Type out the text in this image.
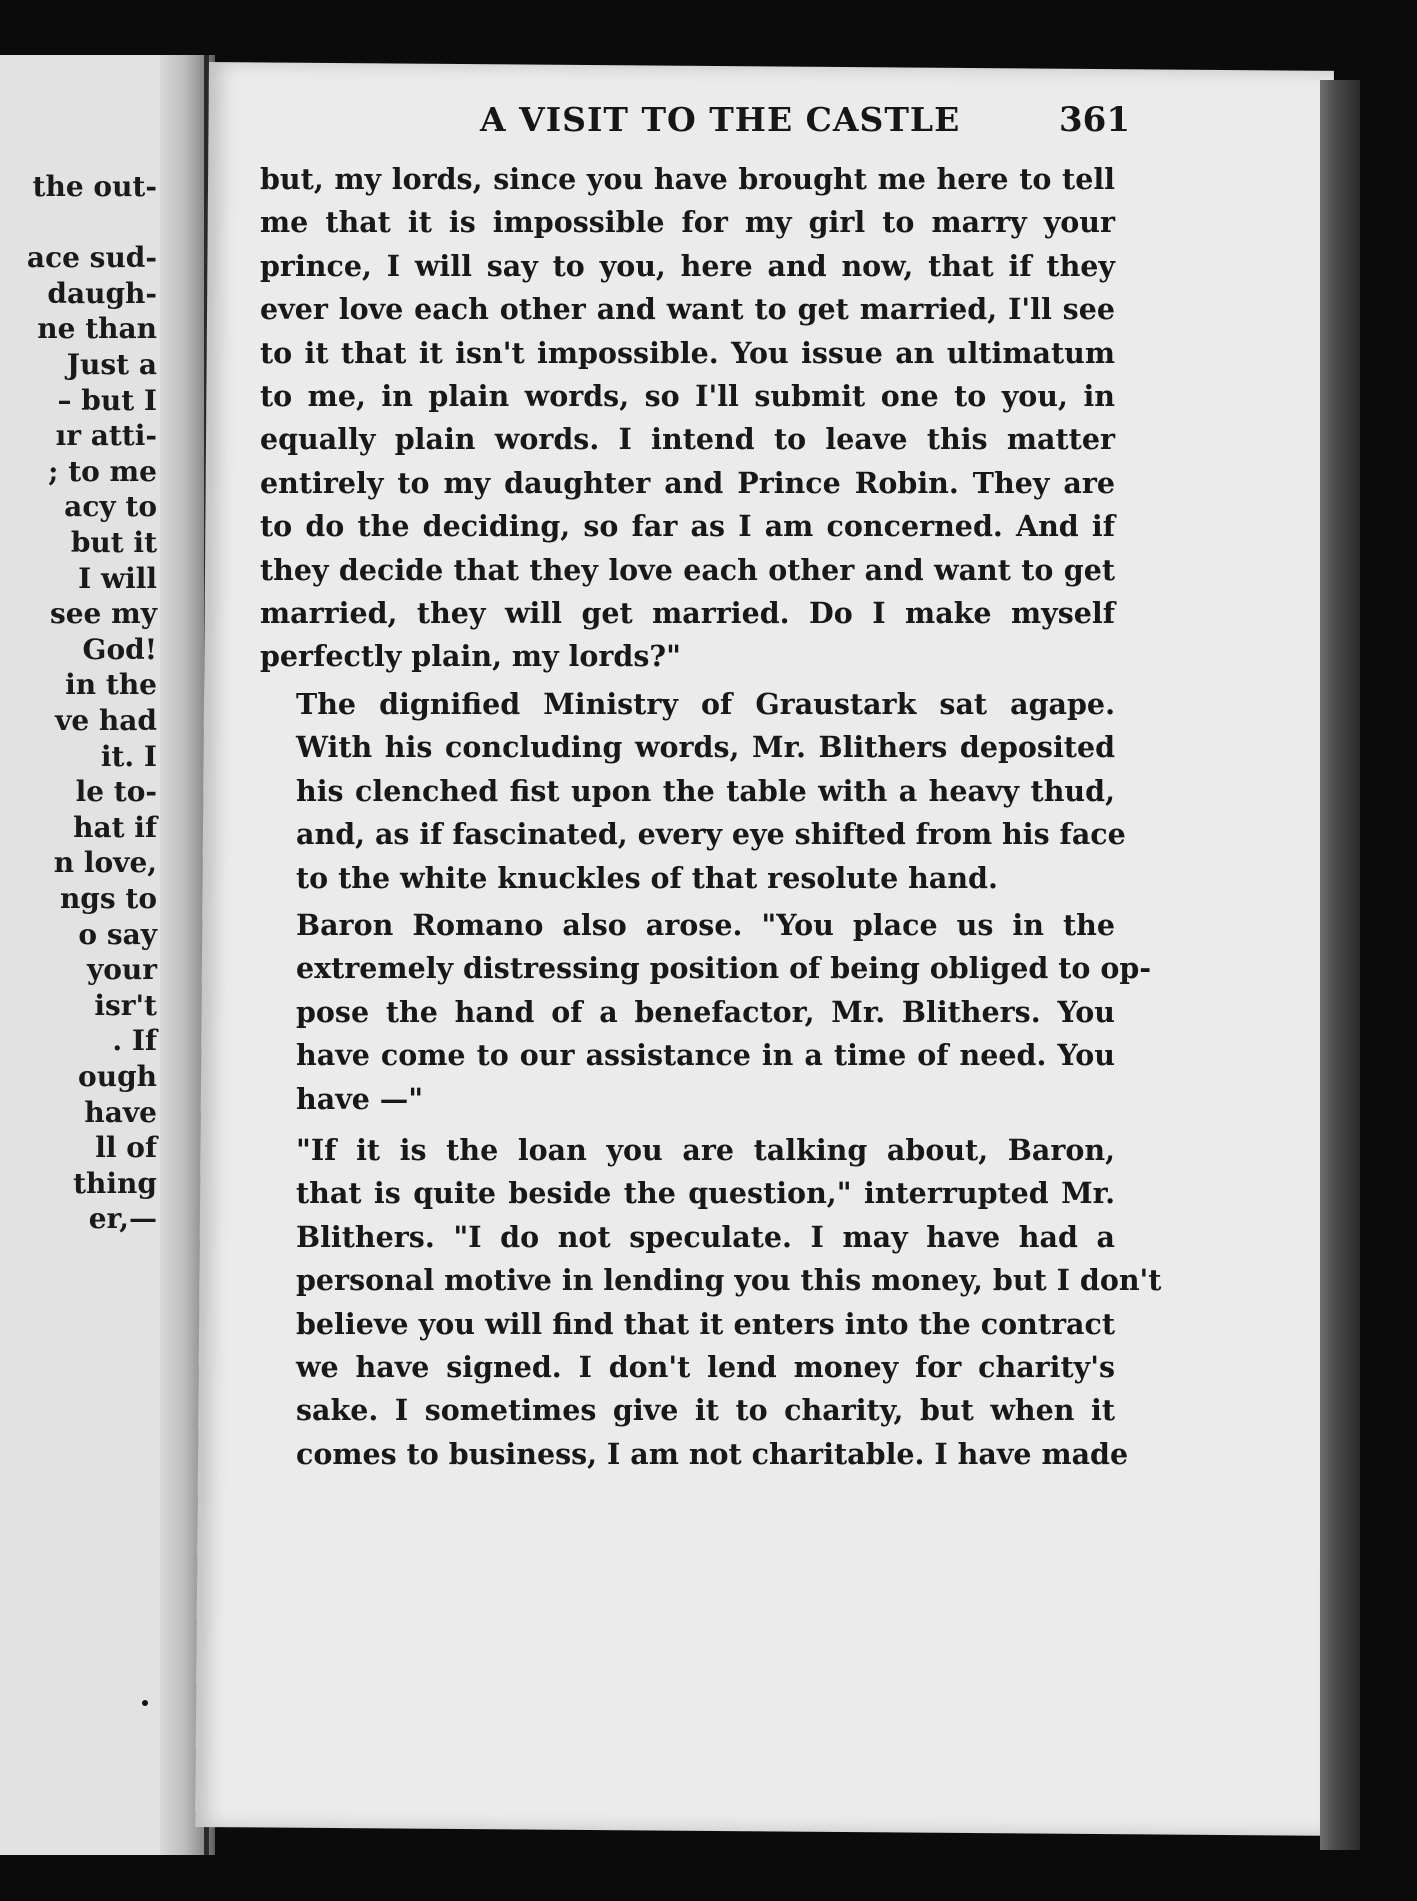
the out-
ace sud-
daugh-
ne than
Just a
– but I
ır atti-
; to me
acy to
but it
I will
see my
God!
in the
ve had
it. I
le to-
hat if
n love,
ngs to
o say
your
isr't
. If
ough
have
ll of
thing
er,—
A VISIT TO THE CASTLE	361

but, my lords, since you have brought me here to tell

me that it is impossible for my girl to marry your

prince, I will say to you, here and now, that if they

ever love each other and want to get married, I'll see

to it that it isn't impossible. You issue an ultimatum

to me, in plain words, so I'll submit one to you, in

equally plain words. I intend to leave this matter

entirely to my daughter and Prince Robin. They are

to do the deciding, so far as I am concerned. And if

they decide that they love each other and want to get

married, they will get married. Do I make myself

perfectly plain, my lords?"

The dignified Ministry of Graustark sat agape.

With his concluding words, Mr. Blithers deposited

his clenched fist upon the table with a heavy thud,

and, as if fascinated, every eye shifted from his face

to the white knuckles of that resolute hand.

Baron Romano also arose. "You place us in the

extremely distressing position of being obliged to op-

pose the hand of a benefactor, Mr. Blithers. You

have come to our assistance in a time of need. You

have —"

"If it is the loan you are talking about, Baron,

that is quite beside the question," interrupted Mr.

Blithers. "I do not speculate. I may have had a

personal motive in lending you this money, but I don't

believe you will find that it enters into the contract

we have signed. I don't lend money for charity's

sake. I sometimes give it to charity, but when it

comes to business, I am not charitable. I have made
